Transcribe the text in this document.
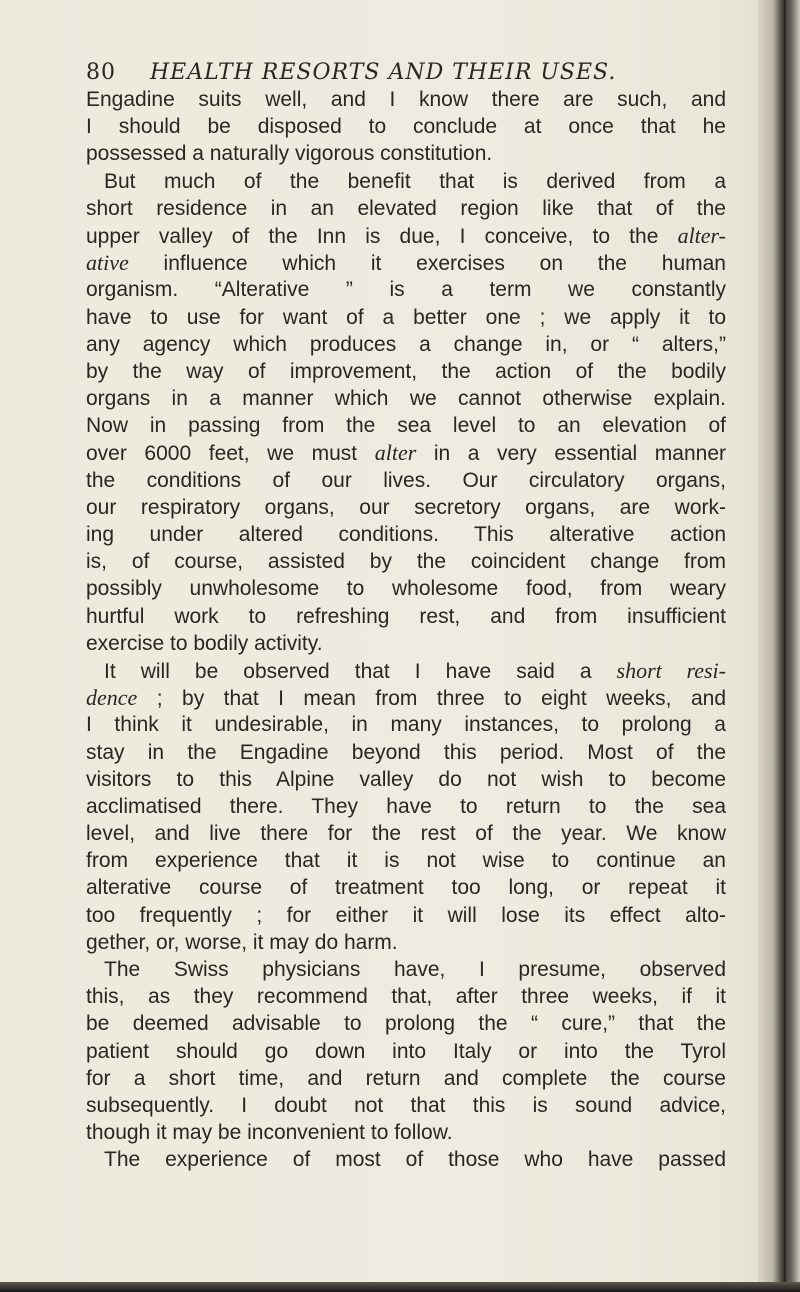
80 HEALTH RESORTS AND THEIR USES.
Engadine suits well, and I know there are such, and
I should be disposed to conclude at once that he
possessed a naturally vigorous constitution.
But much of the benefit that is derived from a
short residence in an elevated region like that of the
upper valley of the Inn is due, I conceive, to the alter-
ative influence which it exercises on the human
organism. “Alterative ” is a term we constantly
have to use for want of a better one ; we apply it to
any agency which produces a change in, or “ alters,”
by the way of improvement, the action of the bodily
organs in a manner which we cannot otherwise explain.
Now in passing from the sea level to an elevation of
over 6000 feet, we must alter in a very essential manner
the conditions of our lives. Our circulatory organs,
our respiratory organs, our secretory organs, are work-
ing under altered conditions. This alterative action
is, of course, assisted by the coincident change from
possibly unwholesome to wholesome food, from weary
hurtful work to refreshing rest, and from insufficient
exercise to bodily activity.
It will be observed that I have said a short resi-
dence ; by that I mean from three to eight weeks, and
I think it undesirable, in many instances, to prolong a
stay in the Engadine beyond this period. Most of the
visitors to this Alpine valley do not wish to become
acclimatised there. They have to return to the sea
level, and live there for the rest of the year. We know
from experience that it is not wise to continue an
alterative course of treatment too long, or repeat it
too frequently ; for either it will lose its effect alto-
gether, or, worse, it may do harm.
The Swiss physicians have, I presume, observed
this, as they recommend that, after three weeks, if it
be deemed advisable to prolong the “ cure,” that the
patient should go down into Italy or into the Tyrol
for a short time, and return and complete the course
subsequently. I doubt not that this is sound advice,
though it may be inconvenient to follow.
The experience of most of those who have passed
